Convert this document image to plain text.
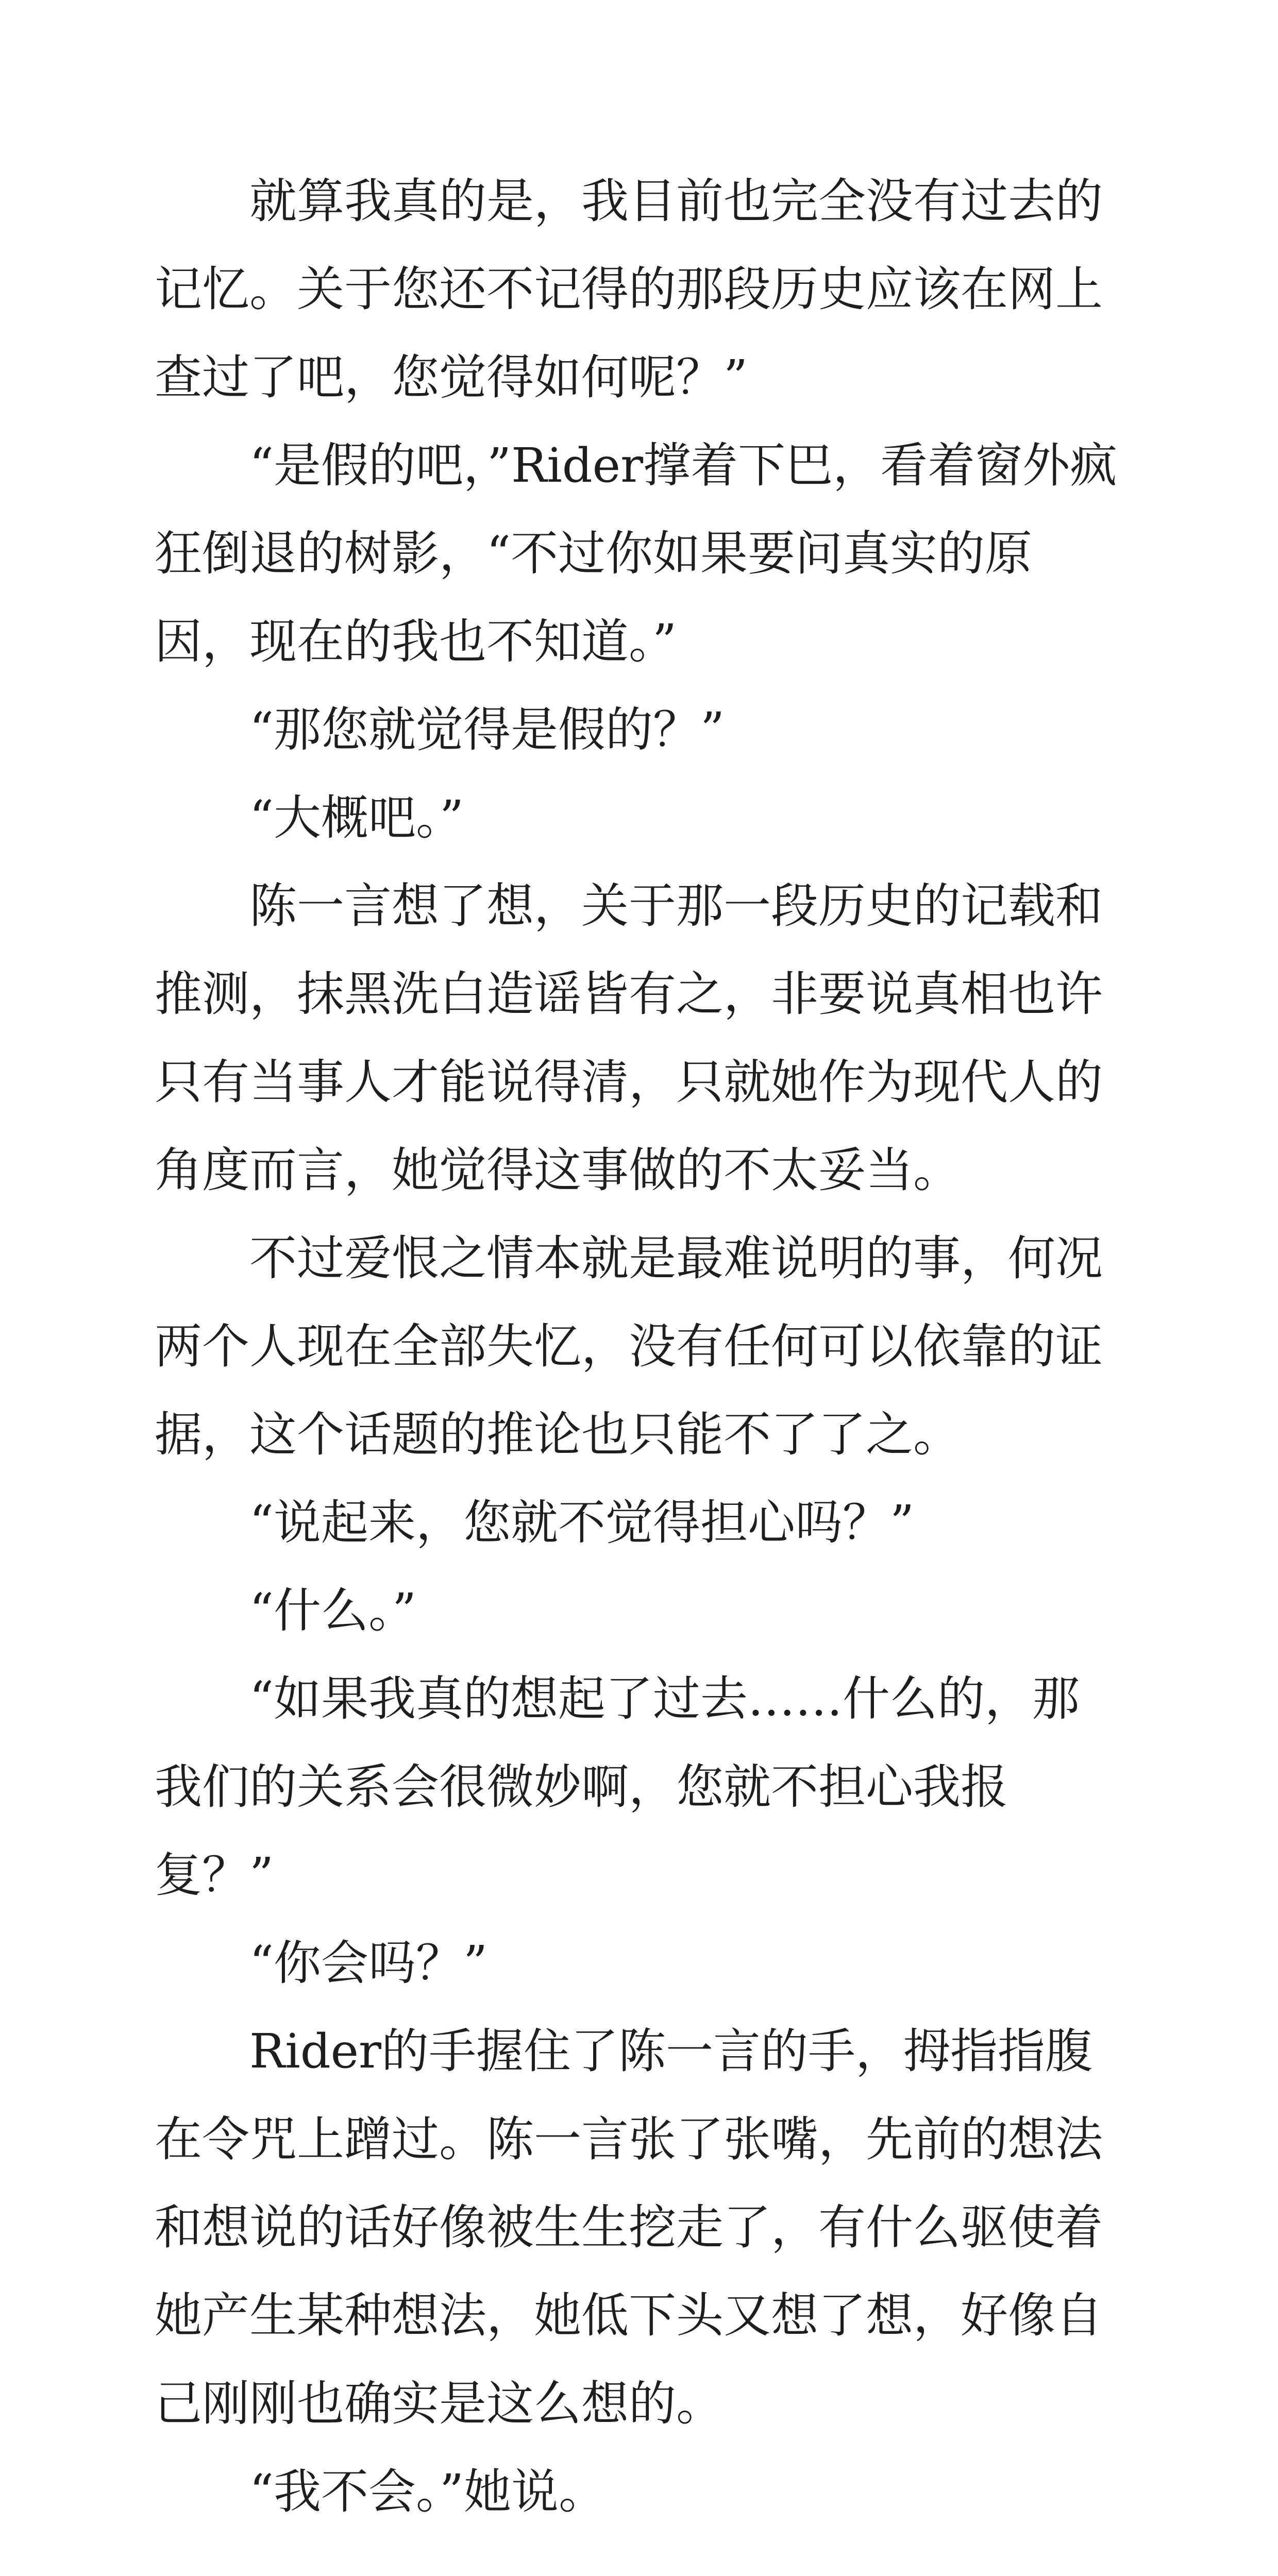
就算我真的是，我目前也完全没有过去的记忆。关于您还不记得的那段历史应该在网上查过了吧，您觉得如何呢？”

“是假的吧，”Rider撑着下巴，看着窗外疯狂倒退的树影，“不过你如果要问真实的原因，现在的我也不知道。”

“那您就觉得是假的？”

“大概吧。”

陈一言想了想，关于那一段历史的记载和推测，抹黑洗白造谣皆有之，非要说真相也许只有当事人才能说得清，只就她作为现代人的角度而言，她觉得这事做的不太妥当。

不过爱恨之情本就是最难说明的事，何况两个人现在全部失忆，没有任何可以依靠的证据，这个话题的推论也只能不了了之。

“说起来，您就不觉得担心吗？”

“什么。”

“如果我真的想起了过去……什么的，那我们的关系会很微妙啊，您就不担心我报复？”

“你会吗？”

Rider的手握住了陈一言的手，拇指指腹在令咒上蹭过。陈一言张了张嘴，先前的想法和想说的话好像被生生挖走了，有什么驱使着她产生某种想法，她低下头又想了想，好像自己刚刚也确实是这么想的。

“我不会。”她说。
